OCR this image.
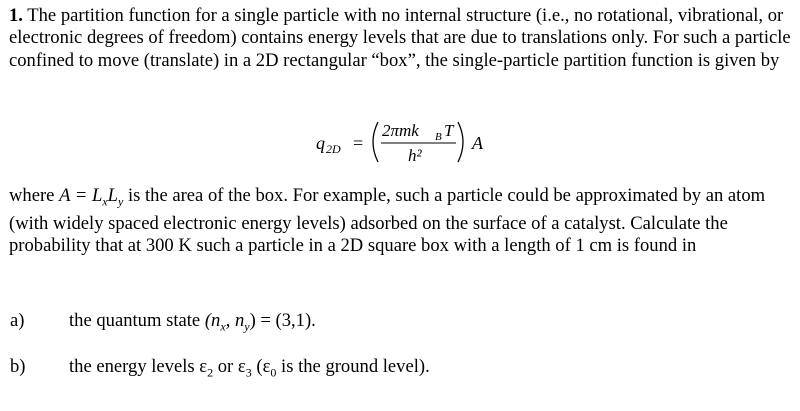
1. The partition function for a single particle with no internal structure (i.e., no rotational, vibrational, or electronic degrees of freedom) contains energy levels that are due to translations only. For such a particle confined to move (translate) in a 2D rectangular “box”, the single-particle partition function is given by

q 2D =
2πmk B T
h²
A

where $A = L_xL_y$ is the area of the box. For example, such a particle could be approximated by an atom (with widely spaced electronic energy levels) adsorbed on the surface of a catalyst. Calculate the probability that at 300 K such a particle in a 2D square box with a length of 1 cm is found in

a) the quantum state ($n_x$, $n_y) = (3,1)$.
b) the energy levels $\varepsilon_2$ or $\varepsilon_3$ ($\varepsilon_0$ is the ground level).
